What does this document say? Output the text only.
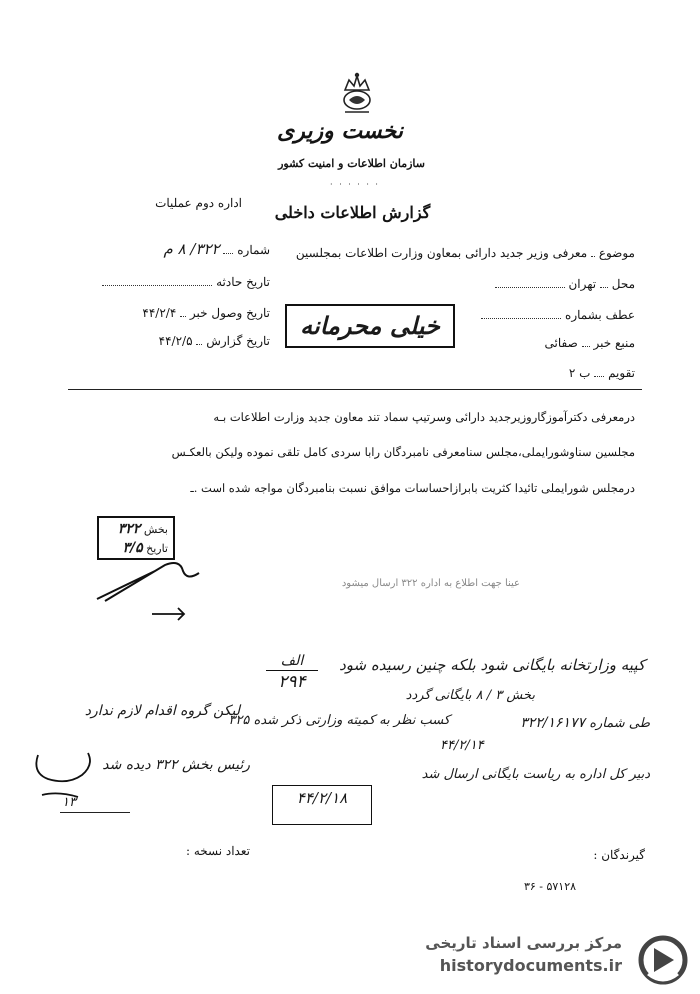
نخست وزیری
سازمان اطلاعات و امنیت کشور
· · · · · ·
اداره دوم عملیات	گزارش اطلاعات داخلی
شماره  ۳۲۲/ ۸ م
تاریخ حادثه
تاریخ وصول خبر  ۴۴/۲/۴
تاریخ گزارش  ۴۴/۲/۵
موضوع  معرفی وزیر جدید دارائی بمعاون وزارت اطلاعات بمجلسین
محل  تهران
عطف بشماره
منبع خبر  صفائی
تقویم  ب ۲
خیلی محرمانه
درمعرفی دکترآموزگاروزیرجدید دارائی وسرتیپ سماد تند معاون جدید وزارت اطلاعات بـه
مجلسین سناوشورایملی،مجلس سنامعرفی نامبردگان رابا سردی کامل تلقی نموده ولیکن بالعکـس
درمجلس شورایملی تائیدا کثریت بابرازاحساسات موافق نسبت بنامبردگان مواجه شده است .ـ
بخش ۳۲۲
تاریخ ۳/۵
عینا جهت اطلاع به اداره ۳۲۲ ارسال میشود
الف
۲۹۴
کپیه وزارتخانه بایگانی شود بلکه چنین رسیده شود
بخش ۳ / ۸ بایگانی گردد
طی شماره ۳۲۲/۱۶۱۷۷
۴۴/۲/۱۴
کسب نظر به کمیته وزارتی ذکر شده ۳۲۵
لیکن گروه اقدام لازم ندارد
دبیر کل اداره به ریاست بایگانی ارسال شد
رئیس بخش ۳۲۲ دیده شد
۴۴/۲/۱۸
۱۳
گیرندگان :
تعداد نسخه :
۳۶ - ۵۷۱۲۸
مرکز بررسی اسناد تاریخی
historydocuments.ir
